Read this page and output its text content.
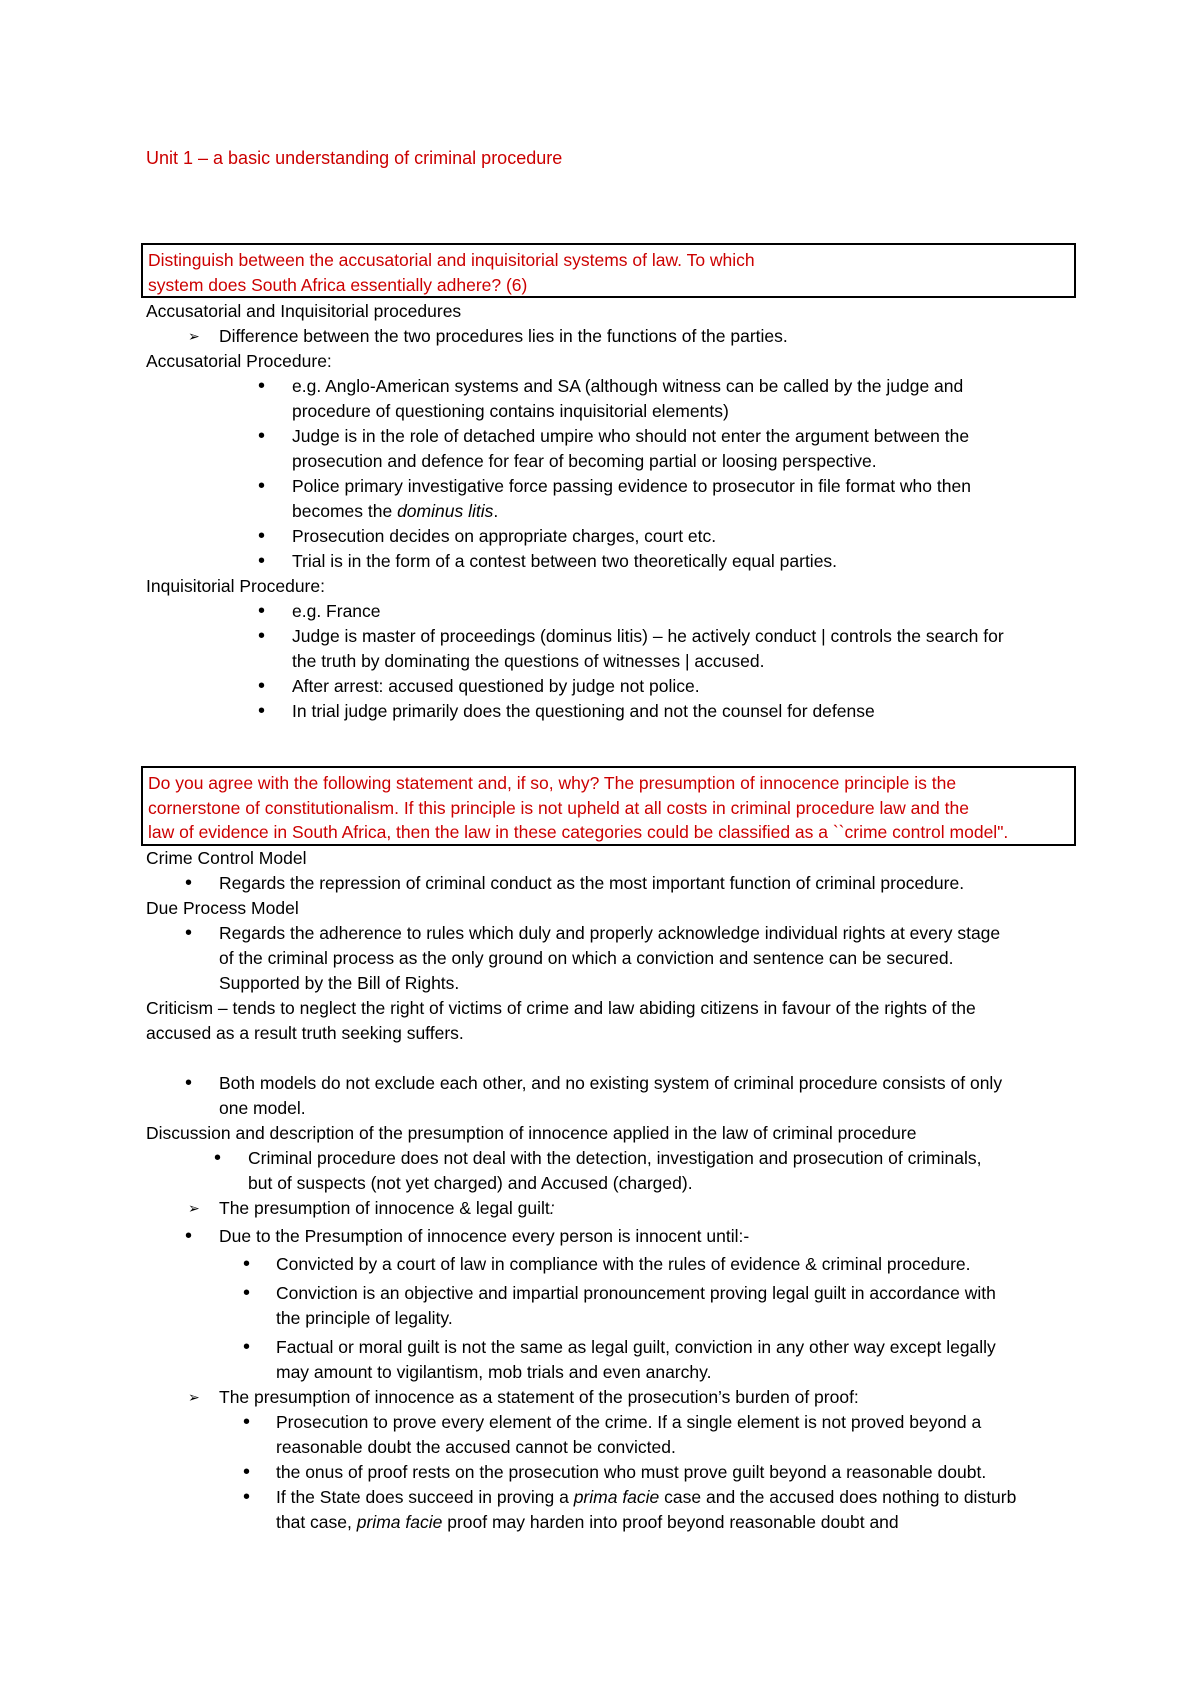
Unit 1 – a basic understanding of criminal procedure
Distinguish between the accusatorial and inquisitorial systems of law. To which
system does South Africa essentially adhere? (6)
Accusatorial and Inquisitorial procedures
➢ Difference between the two procedures lies in the functions of the parties.
Accusatorial Procedure:
• e.g. Anglo-American systems and SA (although witness can be called by the judge and
procedure of questioning contains inquisitorial elements)
• Judge is in the role of detached umpire who should not enter the argument between the
prosecution and defence for fear of becoming partial or loosing perspective.
• Police primary investigative force passing evidence to prosecutor in file format who then
becomes the dominus litis.
• Prosecution decides on appropriate charges, court etc.
• Trial is in the form of a contest between two theoretically equal parties.
Inquisitorial Procedure:
• e.g. France
• Judge is master of proceedings (dominus litis) – he actively conduct | controls the search for
the truth by dominating the questions of witnesses | accused.
• After arrest: accused questioned by judge not police.
• In trial judge primarily does the questioning and not the counsel for defense
Do you agree with the following statement and, if so, why? The presumption of innocence principle is the
cornerstone of constitutionalism. If this principle is not upheld at all costs in criminal procedure law and the
law of evidence in South Africa, then the law in these categories could be classified as a ``crime control model".
Crime Control Model
• Regards the repression of criminal conduct as the most important function of criminal procedure.
Due Process Model
• Regards the adherence to rules which duly and properly acknowledge individual rights at every stage
of the criminal process as the only ground on which a conviction and sentence can be secured.
Supported by the Bill of Rights.
Criticism – tends to neglect the right of victims of crime and law abiding citizens in favour of the rights of the
accused as a result truth seeking suffers.
• Both models do not exclude each other, and no existing system of criminal procedure consists of only
one model.
Discussion and description of the presumption of innocence applied in the law of criminal procedure
• Criminal procedure does not deal with the detection, investigation and prosecution of criminals,
but of suspects (not yet charged) and Accused (charged).
➢ The presumption of innocence & legal guilt:
• Due to the Presumption of innocence every person is innocent until:-
• Convicted by a court of law in compliance with the rules of evidence & criminal procedure.
• Conviction is an objective and impartial pronouncement proving legal guilt in accordance with
the principle of legality.
• Factual or moral guilt is not the same as legal guilt, conviction in any other way except legally
may amount to vigilantism, mob trials and even anarchy.
➢ The presumption of innocence as a statement of the prosecution’s burden of proof:
• Prosecution to prove every element of the crime. If a single element is not proved beyond a
reasonable doubt the accused cannot be convicted.
• the onus of proof rests on the prosecution who must prove guilt beyond a reasonable doubt.
• If the State does succeed in proving a prima facie case and the accused does nothing to disturb
that case, prima facie proof may harden into proof beyond reasonable doubt and
